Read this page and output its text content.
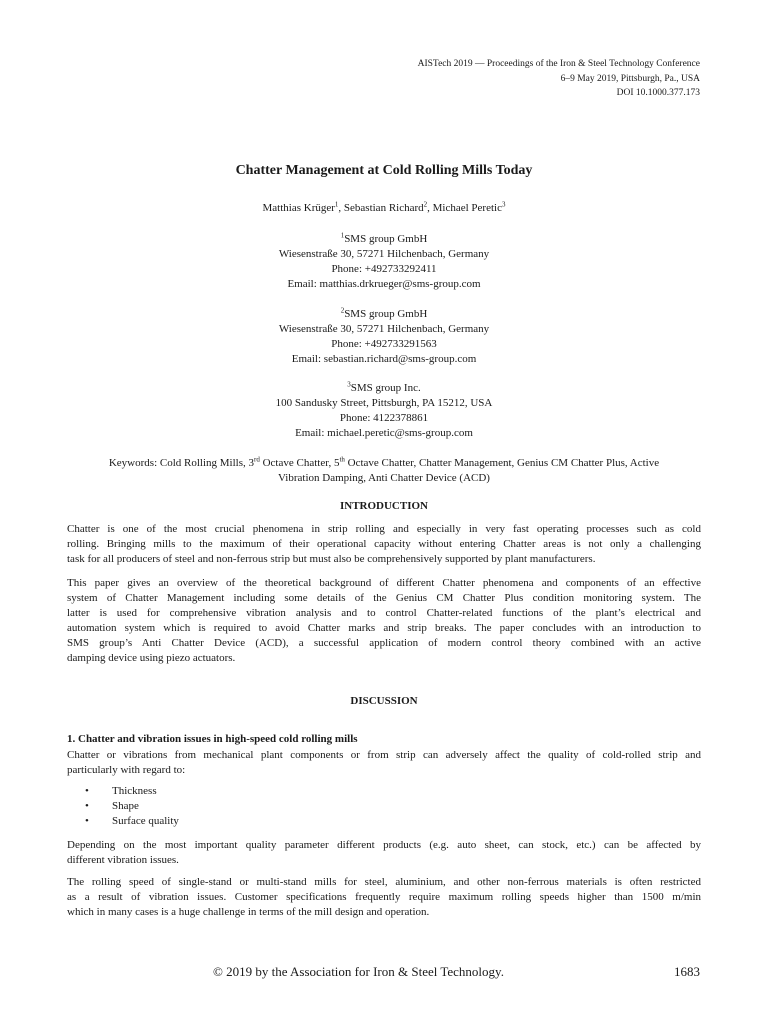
AISTech 2019 — Proceedings of the Iron & Steel Technology Conference
6–9 May 2019, Pittsburgh, Pa., USA
DOI 10.1000.377.173
Chatter Management at Cold Rolling Mills Today
Matthias Krüger$^1$, Sebastian Richard$^2$, Michael Peretic$^3$
$^1$SMS group GmbH
Wiesenstraße 30, 57271 Hilchenbach, Germany
Phone: +492733292411
Email: matthias.drkrueger@sms-group.com
$^2$SMS group GmbH
Wiesenstraße 30, 57271 Hilchenbach, Germany
Phone: +492733291563
Email: sebastian.richard@sms-group.com
$^3$SMS group Inc.
100 Sandusky Street, Pittsburgh, PA 15212, USA
Phone: 4122378861
Email: michael.peretic@sms-group.com
Keywords: Cold Rolling Mills, 3rd Octave Chatter, 5th Octave Chatter, Chatter Management, Genius CM Chatter Plus, Active
Vibration Damping, Anti Chatter Device (ACD)
INTRODUCTION
Chatter is one of the most crucial phenomena in strip rolling and especially in very fast operating processes such as cold
rolling. Bringing mills to the maximum of their operational capacity without entering Chatter areas is not only a challenging
task for all producers of steel and non-ferrous strip but must also be comprehensively supported by plant manufacturers.
This paper gives an overview of the theoretical background of different Chatter phenomena and components of an effective
system of Chatter Management including some details of the Genius CM Chatter Plus condition monitoring system. The
latter is used for comprehensive vibration analysis and to control Chatter-related functions of the plant’s electrical and
automation system which is required to avoid Chatter marks and strip breaks. The paper concludes with an introduction to
SMS group’s Anti Chatter Device (ACD), a successful application of modern control theory combined with an active
damping device using piezo actuators.
DISCUSSION
1. Chatter and vibration issues in high-speed cold rolling mills
Chatter or vibrations from mechanical plant components or from strip can adversely affect the quality of cold-rolled strip and
particularly with regard to:
• Thickness
• Shape
• Surface quality
Depending on the most important quality parameter different products (e.g. auto sheet, can stock, etc.) can be affected by
different vibration issues.
The rolling speed of single-stand or multi-stand mills for steel, aluminium, and other non-ferrous materials is often restricted
as a result of vibration issues. Customer specifications frequently require maximum rolling speeds higher than 1500 m/min
which in many cases is a huge challenge in terms of the mill design and operation.
© 2019 by the Association for Iron & Steel Technology.	1683
